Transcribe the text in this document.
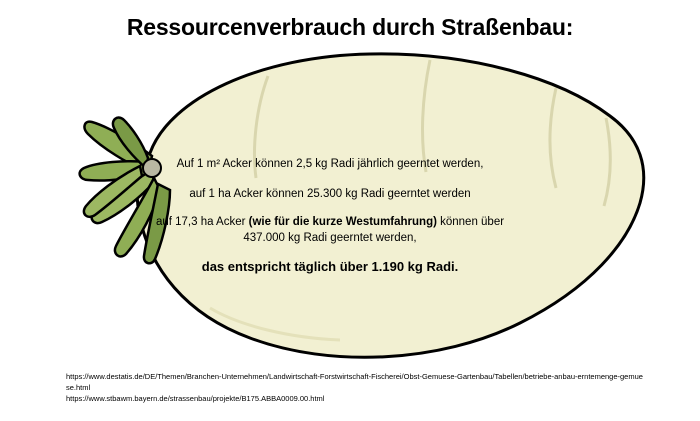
Ressourcenverbrauch durch Straßenbau:
Auf 1 m² Acker können 2,5 kg Radi jährlich geerntet werden,
auf 1 ha Acker können 25.300 kg Radi geerntet werden
auf 17,3 ha Acker (wie für die kurze Westumfahrung) können über
437.000 kg Radi geerntet werden,
das entspricht täglich über 1.190 kg Radi.
https://www.destatis.de/DE/Themen/Branchen-Unternehmen/Landwirtschaft-Forstwirtschaft-Fischerei/Obst-Gemuese-Gartenbau/Tabellen/betriebe-anbau-erntemenge-gemuese.html
https://www.stbawm.bayern.de/strassenbau/projekte/B175.ABBA0009.00.html
